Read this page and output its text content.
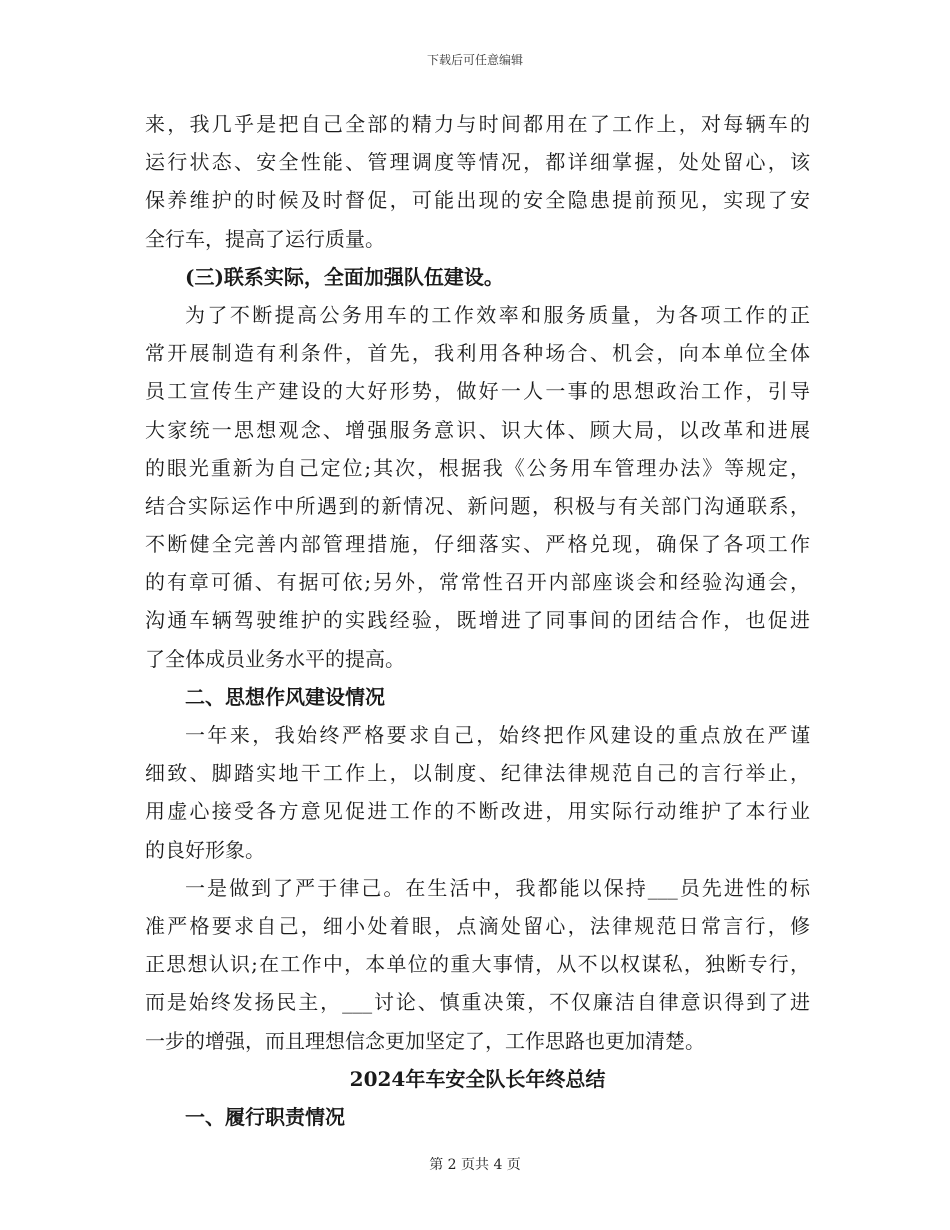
下载后可任意编辑
来，我几乎是把自己全部的精力与时间都用在了工作上，对每辆车的
运行状态、安全性能、管理调度等情况，都详细掌握，处处留心，该
保养维护的时候及时督促，可能出现的安全隐患提前预见，实现了安
全行车，提高了运行质量。
(三)联系实际，全面加强队伍建设。
为了不断提高公务用车的工作效率和服务质量，为各项工作的正
常开展制造有利条件，首先，我利用各种场合、机会，向本单位全体
员工宣传生产建设的大好形势，做好一人一事的思想政治工作，引导
大家统一思想观念、增强服务意识、识大体、顾大局，以改革和进展
的眼光重新为自己定位;其次，根据我《公务用车管理办法》等规定，
结合实际运作中所遇到的新情况、新问题，积极与有关部门沟通联系，
不断健全完善内部管理措施，仔细落实、严格兑现，确保了各项工作
的有章可循、有据可依;另外，常常性召开内部座谈会和经验沟通会，
沟通车辆驾驶维护的实践经验，既增进了同事间的团结合作，也促进
了全体成员业务水平的提高。
二、思想作风建设情况
一年来，我始终严格要求自己，始终把作风建设的重点放在严谨
细致、脚踏实地干工作上，以制度、纪律法律规范自己的言行举止，
用虚心接受各方意见促进工作的不断改进，用实际行动维护了本行业
的良好形象。
一是做到了严于律己。在生活中，我都能以保持___员先进性的标
准严格要求自己，细小处着眼，点滴处留心，法律规范日常言行，修
正思想认识;在工作中，本单位的重大事情，从不以权谋私，独断专行，
而是始终发扬民主，___讨论、慎重决策，不仅廉洁自律意识得到了进
一步的增强，而且理想信念更加坚定了，工作思路也更加清楚。
2024年车安全队长年终总结
一、履行职责情况
第 2 页共 4 页
